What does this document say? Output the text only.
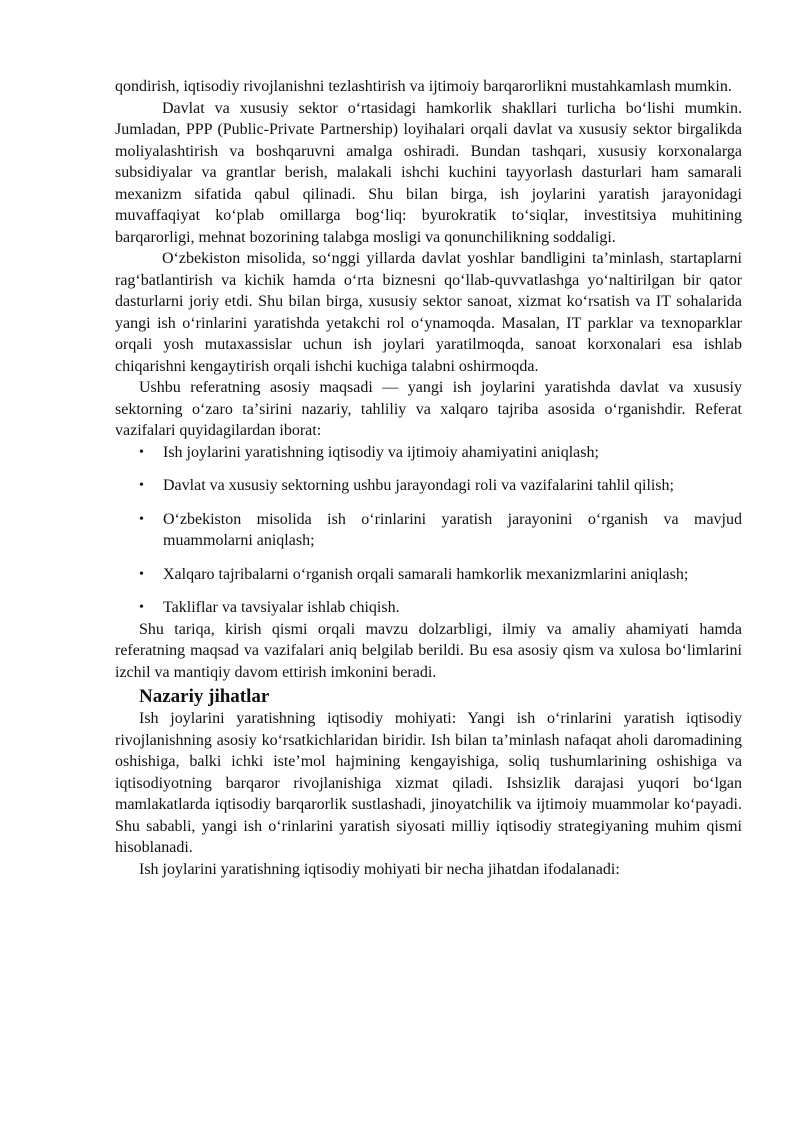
qondirish, iqtisodiy rivojlanishni tezlashtirish va ijtimoiy barqarorlikni mustahkamlash mumkin.

Davlat va xususiy sektor oʻrtasidagi hamkorlik shakllari turlicha boʻlishi mumkin. Jumladan, PPP (Public-Private Partnership) loyihalari orqali davlat va xususiy sektor birgalikda moliyalashtirish va boshqaruvni amalga oshiradi. Bundan tashqari, xususiy korxonalarga subsidiyalar va grantlar berish, malakali ishchi kuchini tayyorlash dasturlari ham samarali mexanizm sifatida qabul qilinadi. Shu bilan birga, ish joylarini yaratish jarayonidagi muvaffaqiyat koʻplab omillarga bogʻliq: byurokratik toʻsiqlar, investitsiya muhitining barqarorligi, mehnat bozorining talabga mosligi va qonunchilikning soddaligi.

Oʻzbekiston misolida, soʻnggi yillarda davlat yoshlar bandligini taʼminlash, startaplarni ragʻbatlantirish va kichik hamda oʻrta biznesni qoʻllab-quvvatlashga yoʻnaltirilgan bir qator dasturlarni joriy etdi. Shu bilan birga, xususiy sektor sanoat, xizmat koʻrsatish va IT sohalarida yangi ish oʻrinlarini yaratishda yetakchi rol oʻynamoqda. Masalan, IT parklar va texnoparklar orqali yosh mutaxassislar uchun ish joylari yaratilmoqda, sanoat korxonalari esa ishlab chiqarishni kengaytirish orqali ishchi kuchiga talabni oshirmoqda.

Ushbu referatning asosiy maqsadi — yangi ish joylarini yaratishda davlat va xususiy sektorning oʻzaro taʼsirini nazariy, tahliliy va xalqaro tajriba asosida oʻrganishdir. Referat vazifalari quyidagilardan iborat:

• Ish joylarini yaratishning iqtisodiy va ijtimoiy ahamiyatini aniqlash;
• Davlat va xususiy sektorning ushbu jarayondagi roli va vazifalarini tahlil qilish;
• Oʻzbekiston misolida ish oʻrinlarini yaratish jarayonini oʻrganish va mavjud muammolarni aniqlash;
• Xalqaro tajribalarni oʻrganish orqali samarali hamkorlik mexanizmlarini aniqlash;
• Takliflar va tavsiyalar ishlab chiqish.

Shu tariqa, kirish qismi orqali mavzu dolzarbligi, ilmiy va amaliy ahamiyati hamda referatning maqsad va vazifalari aniq belgilab berildi. Bu esa asosiy qism va xulosa boʻlimlarini izchil va mantiqiy davom ettirish imkonini beradi.

Nazariy jihatlar

Ish joylarini yaratishning iqtisodiy mohiyati: Yangi ish oʻrinlarini yaratish iqtisodiy rivojlanishning asosiy koʻrsatkichlaridan biridir. Ish bilan taʼminlash nafaqat aholi daromadining oshishiga, balki ichki isteʼmol hajmining kengayishiga, soliq tushumlarining oshishiga va iqtisodiyotning barqaror rivojlanishiga xizmat qiladi. Ishsizlik darajasi yuqori boʻlgan mamlakatlarda iqtisodiy barqarorlik sustlashadi, jinoyatchilik va ijtimoiy muammolar koʻpayadi. Shu sababli, yangi ish oʻrinlarini yaratish siyosati milliy iqtisodiy strategiyaning muhim qismi hisoblanadi.

Ish joylarini yaratishning iqtisodiy mohiyati bir necha jihatdan ifodalanadi:
